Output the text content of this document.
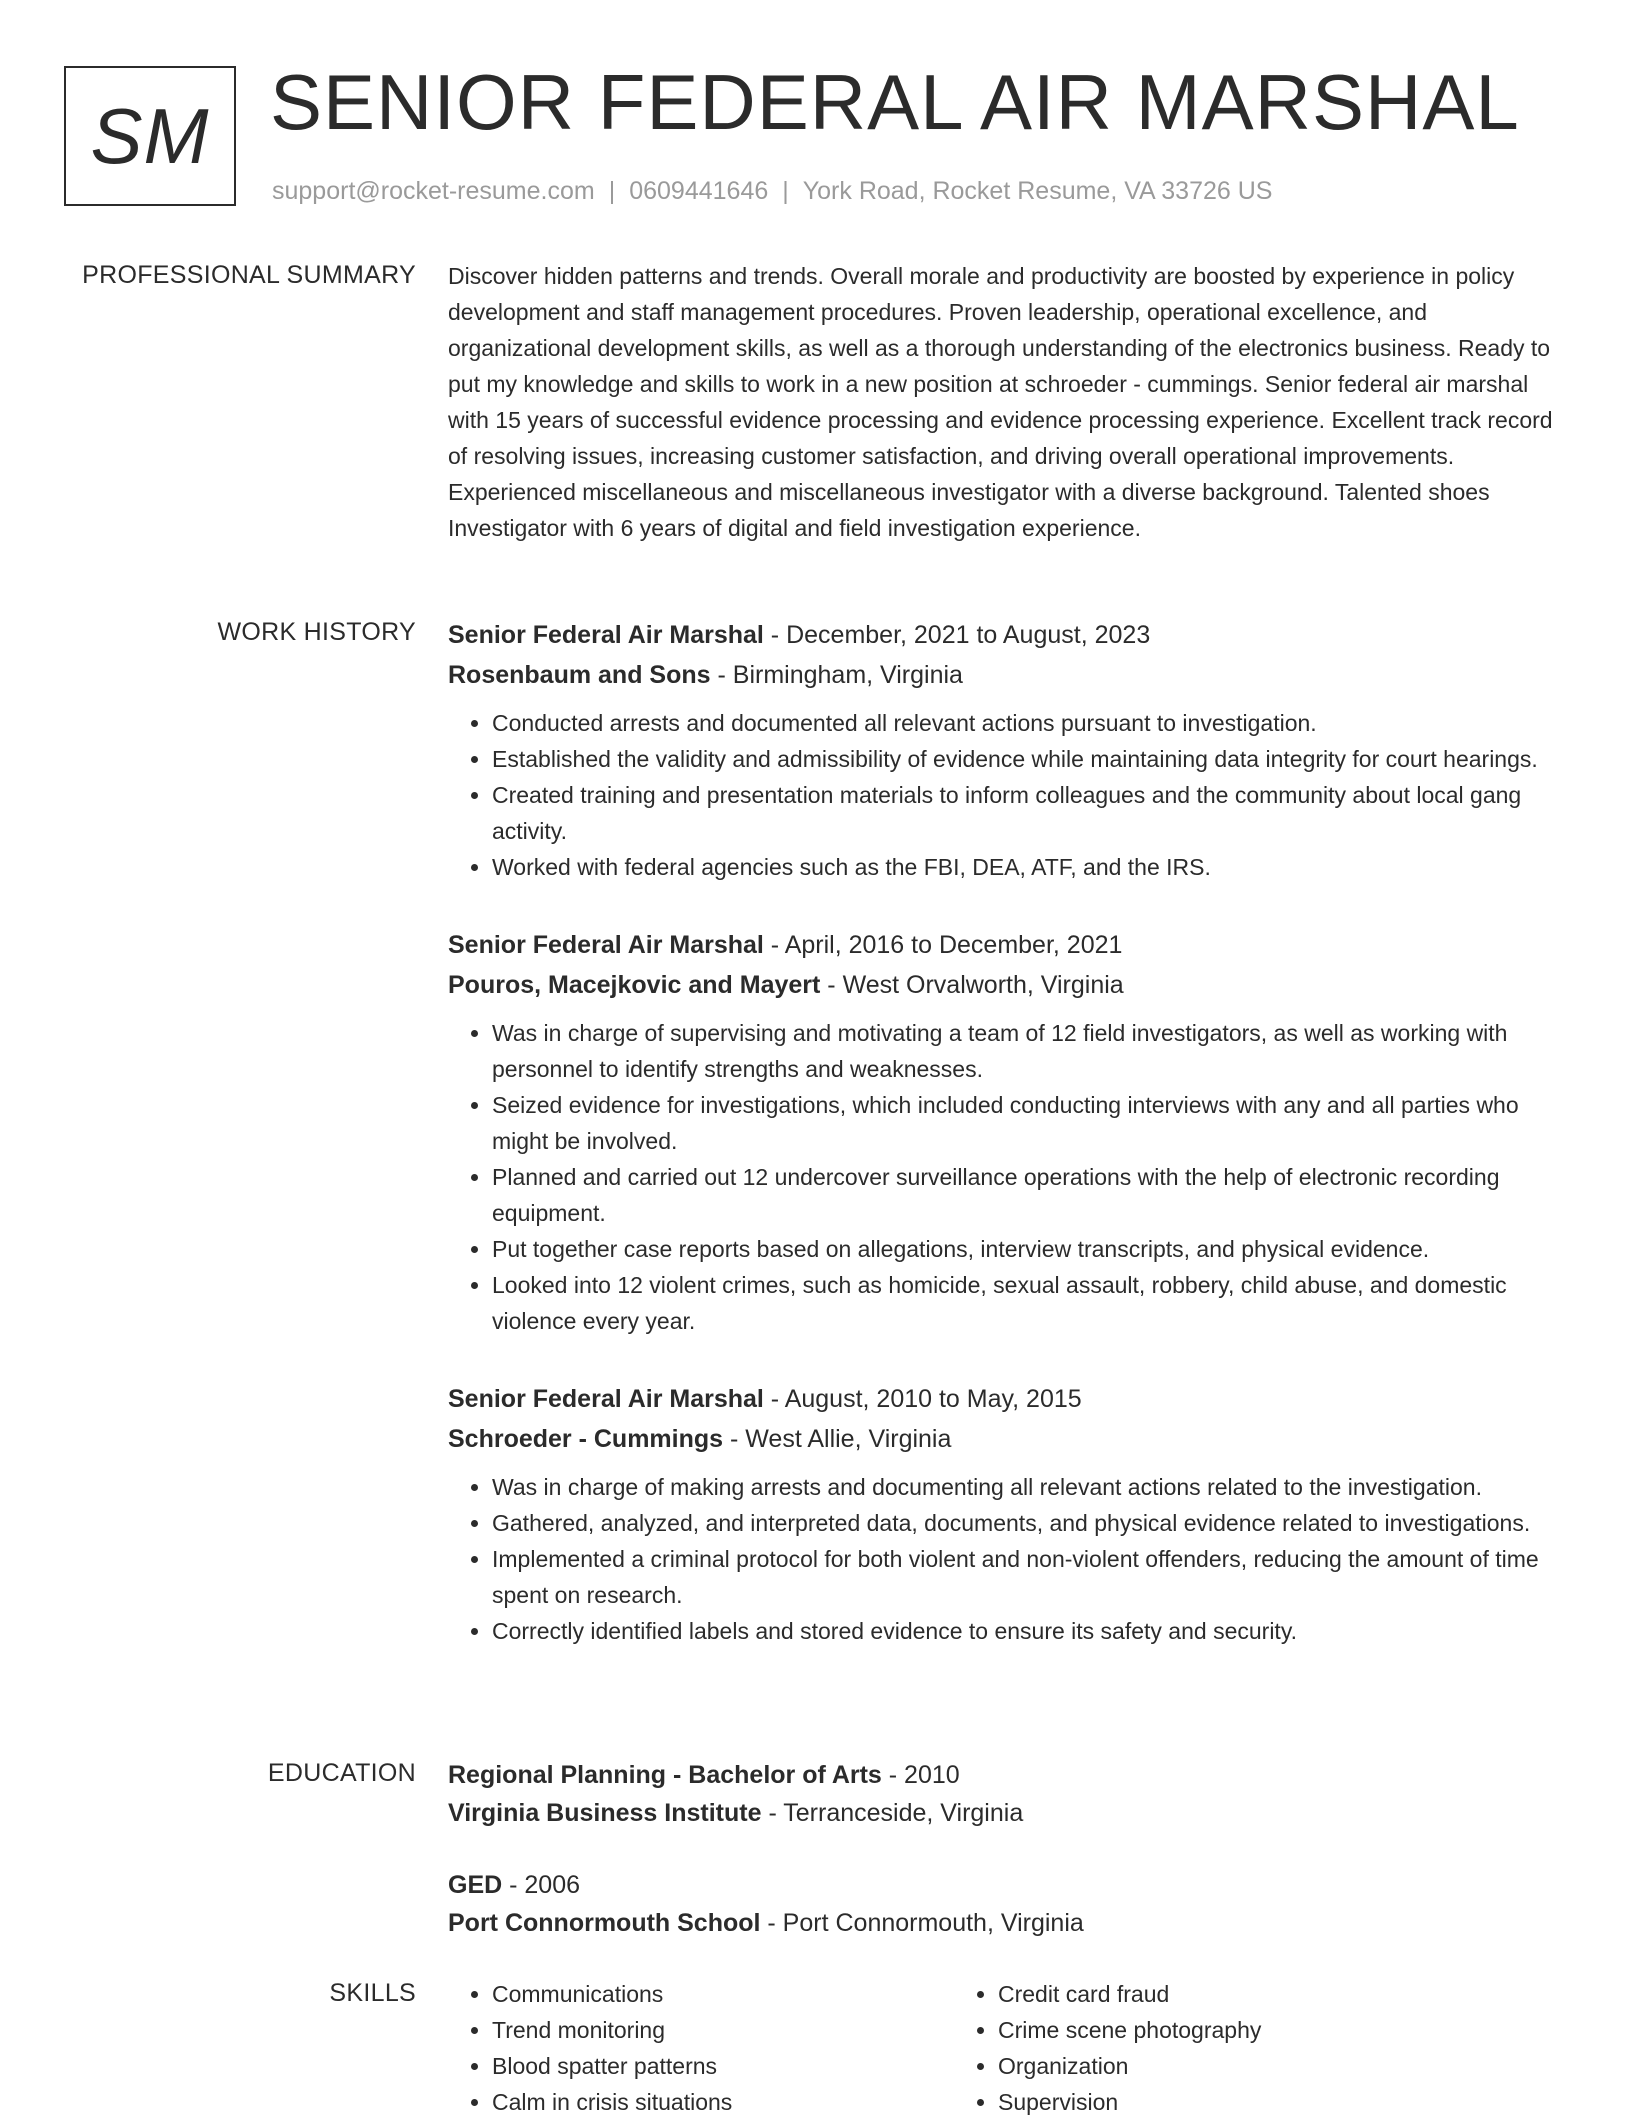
SM SENIOR FEDERAL AIR MARSHAL
support@rocket-resume.com | 0609441646 | York Road, Rocket Resume, VA 33726 US
PROFESSIONAL SUMMARY Discover hidden patterns and trends. Overall morale and productivity are boosted by experience in policy development and staff management procedures. Proven leadership, operational excellence, and organizational development skills, as well as a thorough understanding of the electronics business. Ready to put my knowledge and skills to work in a new position at schroeder - cummings. Senior federal air marshal with 15 years of successful evidence processing and evidence processing experience. Excellent track record of resolving issues, increasing customer satisfaction, and driving overall operational improvements. Experienced miscellaneous and miscellaneous investigator with a diverse background. Talented shoes Investigator with 6 years of digital and field investigation experience.

WORK HISTORY Senior Federal Air Marshal - December, 2021 to August, 2023
Rosenbaum and Sons - Birmingham, Virginia
• Conducted arrests and documented all relevant actions pursuant to investigation.
• Established the validity and admissibility of evidence while maintaining data integrity for court hearings.
• Created training and presentation materials to inform colleagues and the community about local gang activity.
• Worked with federal agencies such as the FBI, DEA, ATF, and the IRS.
Senior Federal Air Marshal - April, 2016 to December, 2021
Pouros, Macejkovic and Mayert - West Orvalworth, Virginia
• Was in charge of supervising and motivating a team of 12 field investigators, as well as working with personnel to identify strengths and weaknesses.
• Seized evidence for investigations, which included conducting interviews with any and all parties who might be involved.
• Planned and carried out 12 undercover surveillance operations with the help of electronic recording equipment.
• Put together case reports based on allegations, interview transcripts, and physical evidence.
• Looked into 12 violent crimes, such as homicide, sexual assault, robbery, child abuse, and domestic violence every year.
Senior Federal Air Marshal - August, 2010 to May, 2015
Schroeder - Cummings - West Allie, Virginia
• Was in charge of making arrests and documenting all relevant actions related to the investigation.
• Gathered, analyzed, and interpreted data, documents, and physical evidence related to investigations.
• Implemented a criminal protocol for both violent and non-violent offenders, reducing the amount of time spent on research.
• Correctly identified labels and stored evidence to ensure its safety and security.
EDUCATION Regional Planning - Bachelor of Arts - 2010
Virginia Business Institute - Terranceside, Virginia
GED - 2006
Port Connormouth School - Port Connormouth, Virginia
SKILLS
•	Communications
• Trend monitoring
• Blood spatter patterns
• Calm in crisis situations
• Credit card fraud
• Crime scene photography
• Organization
• Supervision
